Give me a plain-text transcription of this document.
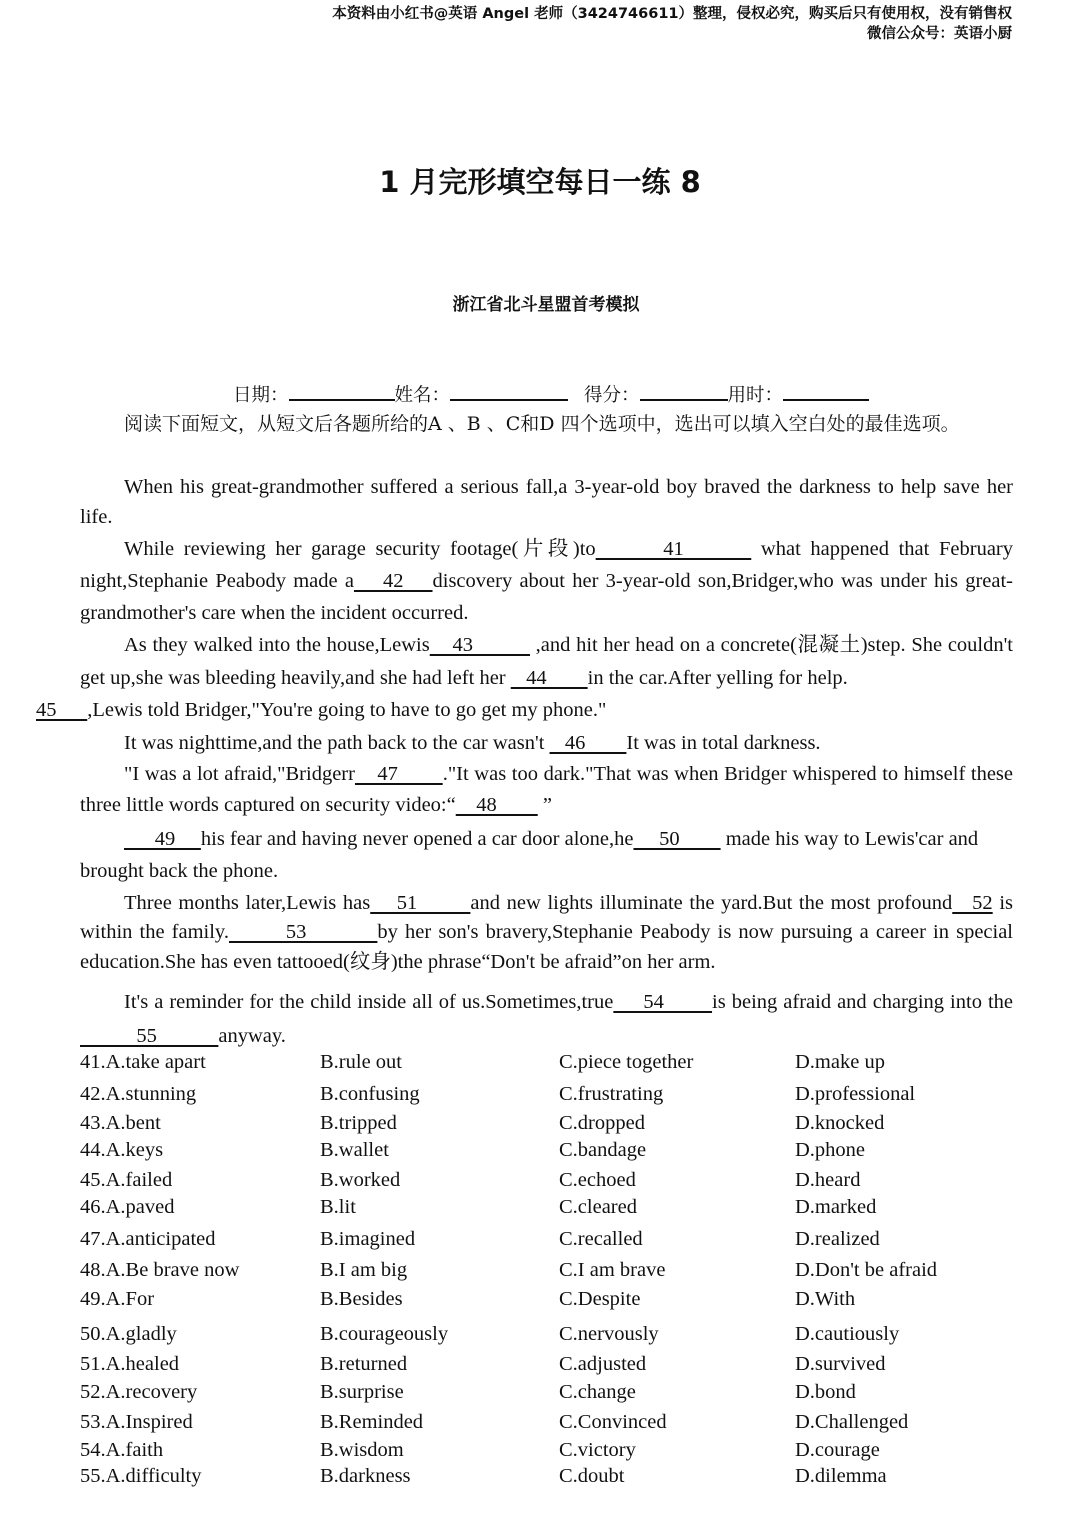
本资料由小红书@英语 Angel 老师（3424746611）整理，侵权必究，购买后只有使用权，没有销售权
微信公众号：英语小厨
1 月完形填空每日一练 8
浙江省北斗星盟首考模拟
日期：	姓名：	得分：	用时：
阅读下面短文，从短文后各题所给的A 、B 、C和D 四个选项中，选出可以填入空白处的最佳选项。

When his great-grandmother suffered a serious fall,a 3-year-old boy braved the darkness to help save her life.

While reviewing her garage security footage(片段)to       41        what happened that February night,Stephanie Peabody made a    42    discovery about her 3-year-old son,Bridger,who was under his great-grandmother's care when the incident occurred.

As they walked into the house,Lewis    43           ,and hit her head on a concrete(混凝土)step. She couldn't get up,she was bleeding heavily,and she had left her    44        in the car.After yelling for help.
45      ,Lewis told Bridger,"You're going to have to go get my phone."

It was nighttime,and the path back to the car wasn't    46        It was in total darkness.

"I was a lot afraid,"Bridgerr    47        ."It was too dark."That was when Bridger whispered to himself these three little words captured on security video:“    48         ”

49     his fear and having never opened a car door alone,he     50         made his way to Lewis'car and brought back the phone.

Three months later,Lewis has    51        and new lights illuminate the yard.But the most profound   52 is within the family.        53          by her son's bravery,Stephanie Peabody is now pursuing a career in special education.She has even tattooed(纹身)the phrase“Don't be afraid”on her arm.

It's a reminder for the child inside all of us.Sometimes,true     54        is being afraid and charging into the           55            anyway.

41.A.take apart	B.rule out	C.piece together	D.make up
42.A.stunning	B.confusing	C.frustrating	D.professional
43.A.bent	B.tripped	C.dropped	D.knocked
44.A.keys	B.wallet	C.bandage	D.phone
45.A.failed	B.worked	C.echoed	D.heard
46.A.paved	B.lit	C.cleared	D.marked
47.A.anticipated	B.imagined	C.recalled	D.realized
48.A.Be brave now	B.I am big	C.I am brave	D.Don't be afraid
49.A.For	B.Besides	C.Despite	D.With
50.A.gladly	B.courageously	C.nervously	D.cautiously
51.A.healed	B.returned	C.adjusted	D.survived
52.A.recovery	B.surprise	C.change	D.bond
53.A.Inspired	B.Reminded	C.Convinced	D.Challenged
54.A.faith	B.wisdom	C.victory	D.courage
55.A.difficulty	B.darkness	C.doubt	D.dilemma
